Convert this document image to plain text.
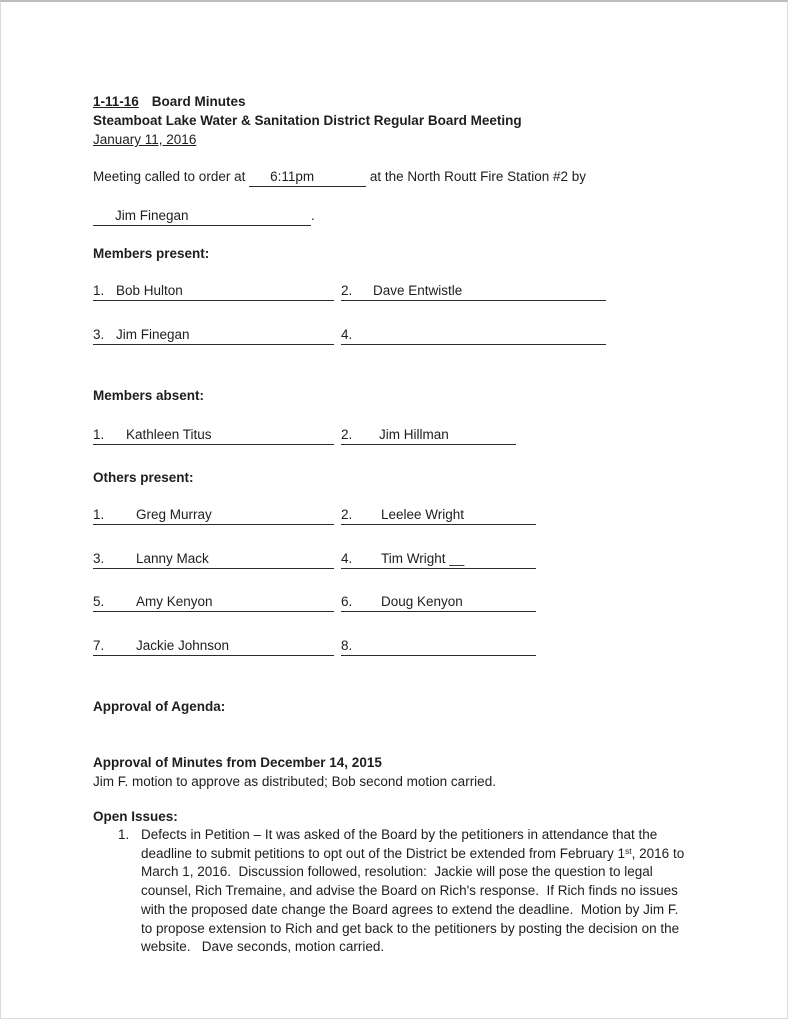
1-11-16 Board Minutes

Steamboat Lake Water & Sanitation District Regular Board Meeting

January 11, 2016

Meeting called to order at 6:11pm	at the North Routt Fire Station #2 by

Jim Finegan	.

Members present:

1. Bob Hulton	2. Dave Entwistle
3. Jim Finegan	4.

Members absent:

1. Kathleen Titus	2. Jim Hillman

Others present:

1. Greg Murray	2. Leelee Wright
3. Lanny Mack	4. Tim Wright __
5. Amy Kenyon	6. Doug Kenyon
7. Jackie Johnson	8.

Approval of Agenda:

Approval of Minutes from December 14, 2015

Jim F. motion to approve as distributed; Bob second motion carried.

Open Issues:

1. Defects in Petition – It was asked of the Board by the petitioners in attendance that the deadline to submit petitions to opt out of the District be extended from February 1st, 2016 to March 1, 2016.  Discussion followed, resolution:  Jackie will pose the question to legal counsel, Rich Tremaine, and advise the Board on Rich's response.  If Rich finds no issues with the proposed date change the Board agrees to extend the deadline.  Motion by Jim F. to propose extension to Rich and get back to the petitioners by posting the decision on the website.   Dave seconds, motion carried.
